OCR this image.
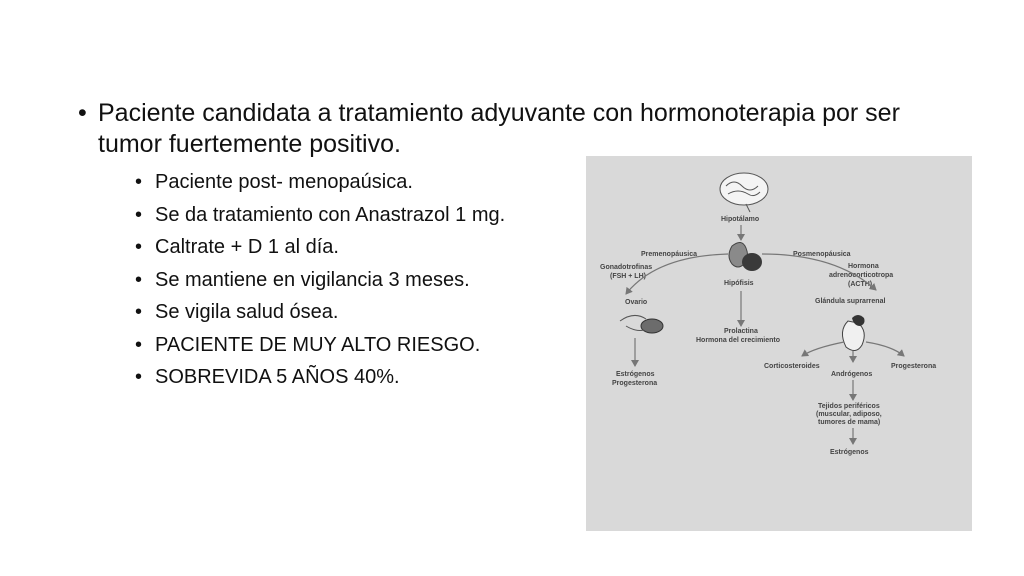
• Paciente candidata a tratamiento adyuvante con hormonoterapia por ser tumor fuertemente positivo.
• Paciente post- menopaúsica.
• Se da tratamiento con Anastrazol 1 mg.
• Caltrate + D 1 al día.
• Se mantiene en vigilancia 3 meses.
• Se vigila salud ósea.
• PACIENTE DE MUY ALTO RIESGO.
• SOBREVIDA 5 AÑOS 40%.
Hipotálamo
Premenopáusica	Posmenopáusica
Gonadotrofinas
(FSH + LH)
Hormona
adrenocorticotropa
(ACTH)
Hipófisis
Ovario	Glándula suprarrenal
Prolactina
Hormona del crecimiento
Estrógenos
Progesterona
Corticosteroides
Andrógenos
Progesterona
Tejidos periféricos
(muscular, adiposo,
tumores de mama)
Estrógenos
